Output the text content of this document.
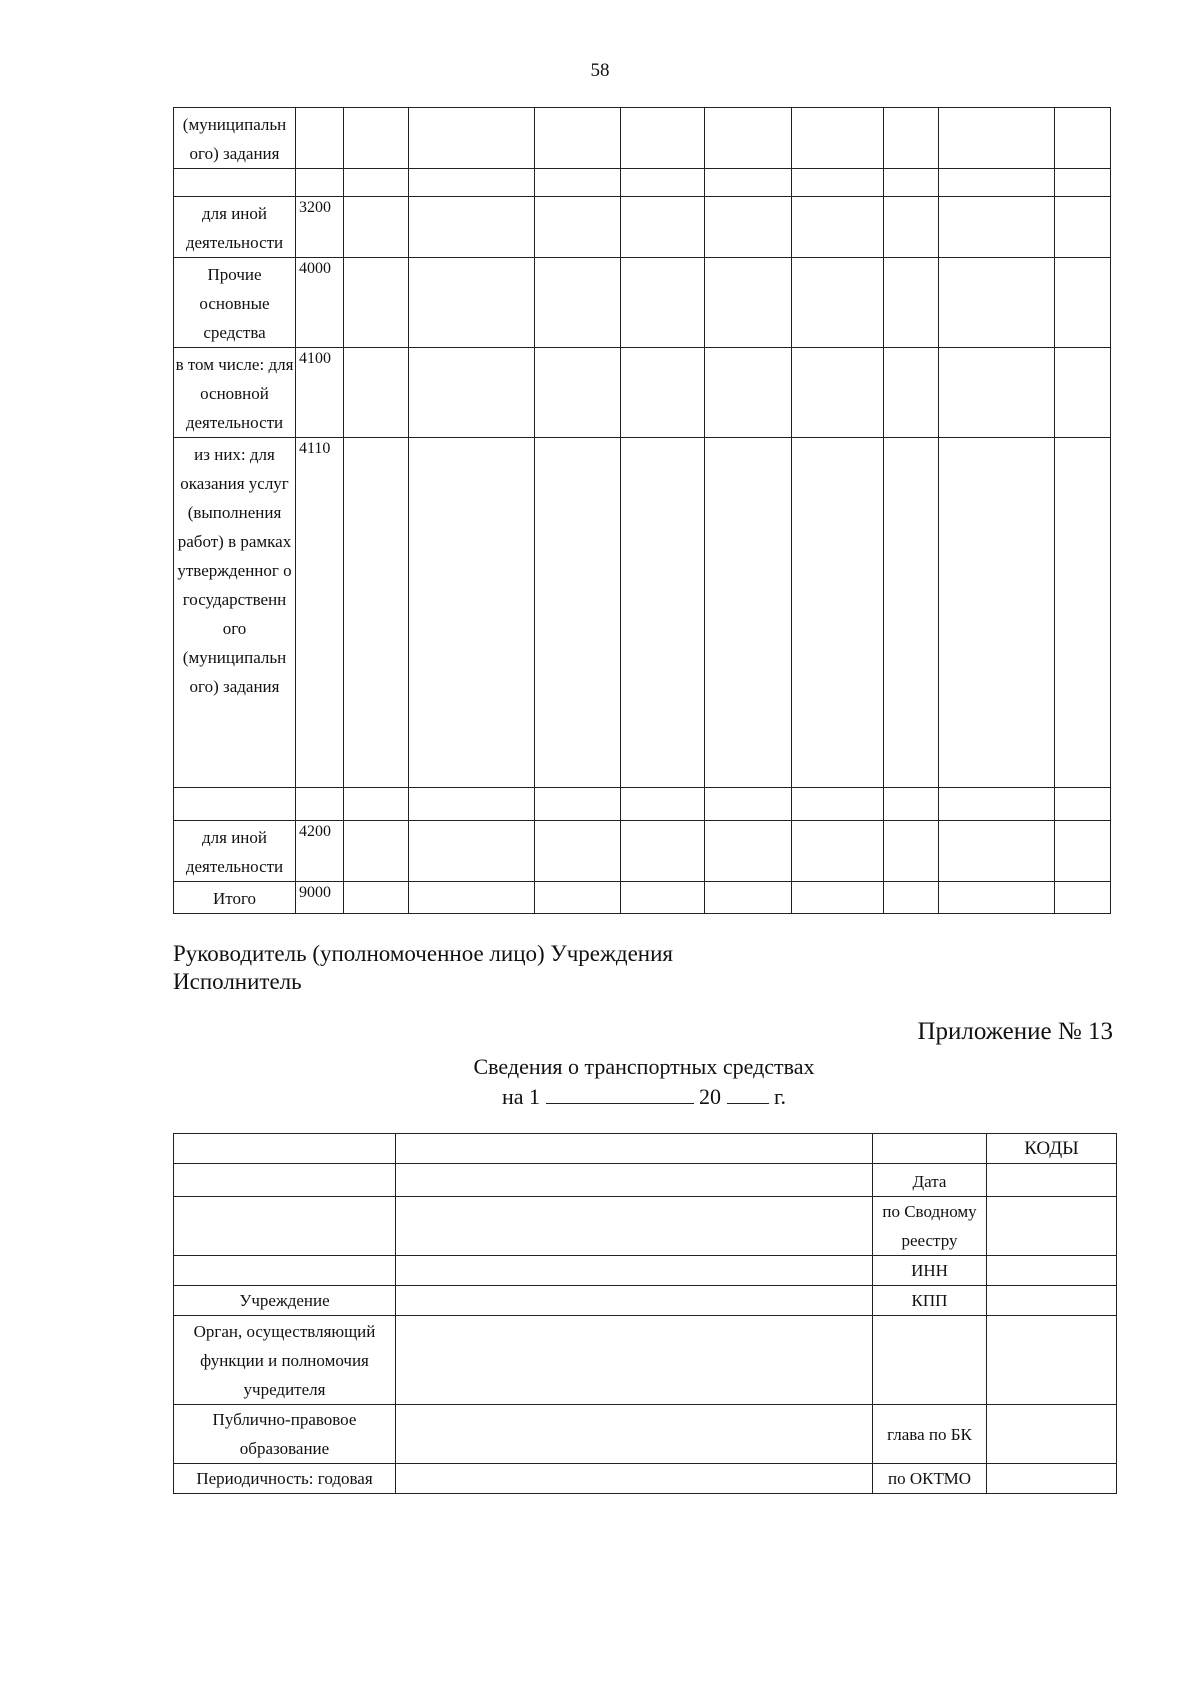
58
(муниципальн ого) задания										

для иной деятельности	3200									
Прочие основные средства	4000									
в том числе: для основной деятельности	4100									
из них: для оказания услуг (выполнения работ) в рамках утвержденног о государственн ого (муниципальн ого) задания	4110									

для иной деятельности	4200									
Итого	9000									
Руководитель (уполномоченное лицо) Учреждения
Исполнитель
Приложение № 13
Сведения о транспортных средствах
на 1	20 г.
			КОДЫ
		Дата	
		по Сводному реестру	
		ИНН	
Учреждение		КПП	
Орган, осуществляющий функции и полномочия учредителя			
Публично-правовое образование		глава по БК	
Периодичность: годовая		по ОКТМО	
